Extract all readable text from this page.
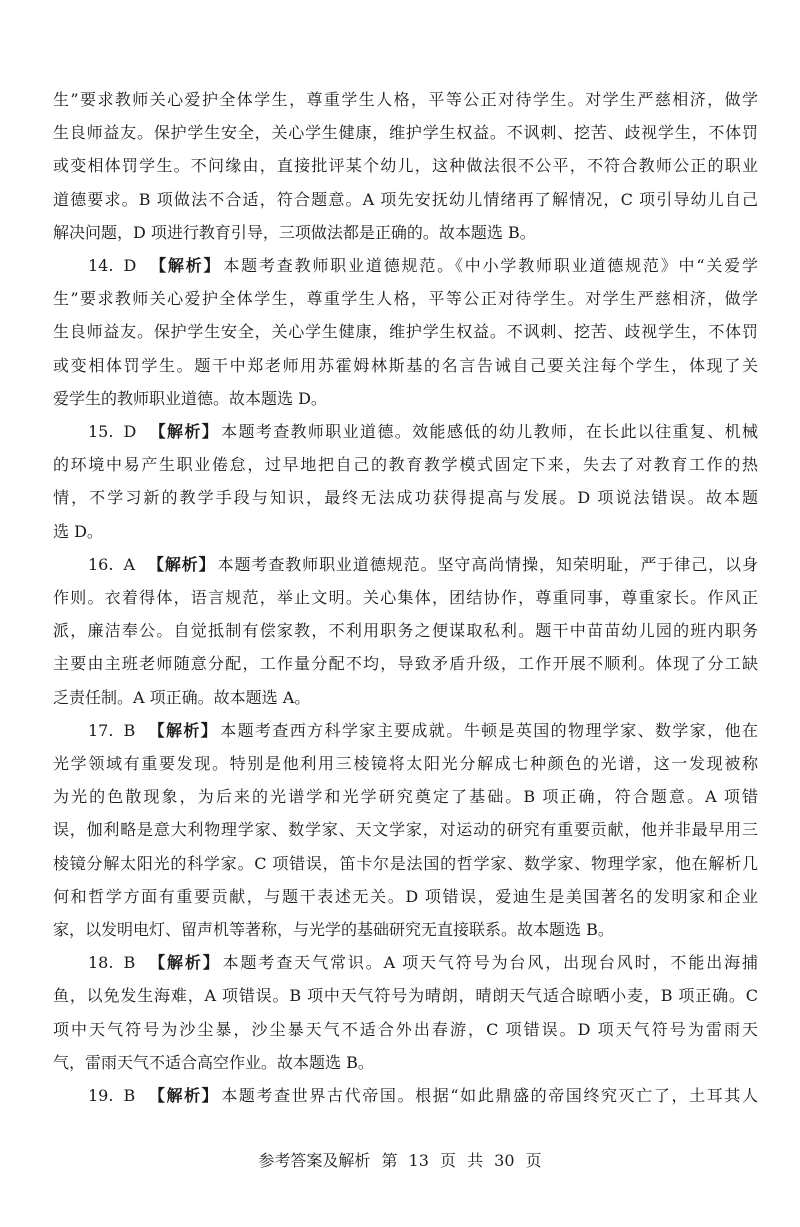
生”要求教师关心爱护全体学生，尊重学生人格，平等公正对待学生。对学生严慈相济，做学
生良师益友。保护学生安全，关心学生健康，维护学生权益。不讽刺、挖苦、歧视学生，不体罚
或变相体罚学生。不问缘由，直接批评某个幼儿，这种做法很不公平，不符合教师公正的职业
道德要求。B 项做法不合适，符合题意。A 项先安抚幼儿情绪再了解情况，C 项引导幼儿自己
解决问题，D 项进行教育引导，三项做法都是正确的。故本题选 B。
14. D 【解析】 本题考查教师职业道德规范。《中小学教师职业道德规范》中“关爱学
生”要求教师关心爱护全体学生，尊重学生人格，平等公正对待学生。对学生严慈相济，做学
生良师益友。保护学生安全，关心学生健康，维护学生权益。不讽刺、挖苦、歧视学生，不体罚
或变相体罚学生。题干中郑老师用苏霍姆林斯基的名言告诫自己要关注每个学生，体现了关
爱学生的教师职业道德。故本题选 D。
15. D 【解析】 本题考查教师职业道德。效能感低的幼儿教师，在长此以往重复、机械
的环境中易产生职业倦怠，过早地把自己的教育教学模式固定下来，失去了对教育工作的热
情，不学习新的教学手段与知识，最终无法成功获得提高与发展。D 项说法错误。故本题
选 D。
16. A 【解析】 本题考查教师职业道德规范。坚守高尚情操，知荣明耻，严于律己，以身
作则。衣着得体，语言规范，举止文明。关心集体，团结协作，尊重同事，尊重家长。作风正
派，廉洁奉公。自觉抵制有偿家教，不利用职务之便谋取私利。题干中苗苗幼儿园的班内职务
主要由主班老师随意分配，工作量分配不均，导致矛盾升级，工作开展不顺利。体现了分工缺
乏责任制。A 项正确。故本题选 A。
17. B 【解析】 本题考查西方科学家主要成就。牛顿是英国的物理学家、数学家，他在
光学领域有重要发现。特别是他利用三棱镜将太阳光分解成七种颜色的光谱，这一发现被称
为光的色散现象，为后来的光谱学和光学研究奠定了基础。B 项正确，符合题意。A 项错
误，伽利略是意大利物理学家、数学家、天文学家，对运动的研究有重要贡献，他并非最早用三
棱镜分解太阳光的科学家。C 项错误，笛卡尔是法国的哲学家、数学家、物理学家，他在解析几
何和哲学方面有重要贡献，与题干表述无关。D 项错误，爱迪生是美国著名的发明家和企业
家，以发明电灯、留声机等著称，与光学的基础研究无直接联系。故本题选 B。
18. B 【解析】 本题考查天气常识。A 项天气符号为台风，出现台风时，不能出海捕
鱼，以免发生海难，A 项错误。B 项中天气符号为晴朗，晴朗天气适合晾晒小麦，B 项正确。C
项中天气符号为沙尘暴，沙尘暴天气不适合外出春游，C 项错误。D 项天气符号为雷雨天
气，雷雨天气不适合高空作业。故本题选 B。
19. B 【解析】 本题考查世界古代帝国。根据“如此鼎盛的帝国终究灭亡了，土耳其人
参考答案及解析 第 13 页 共 30 页
